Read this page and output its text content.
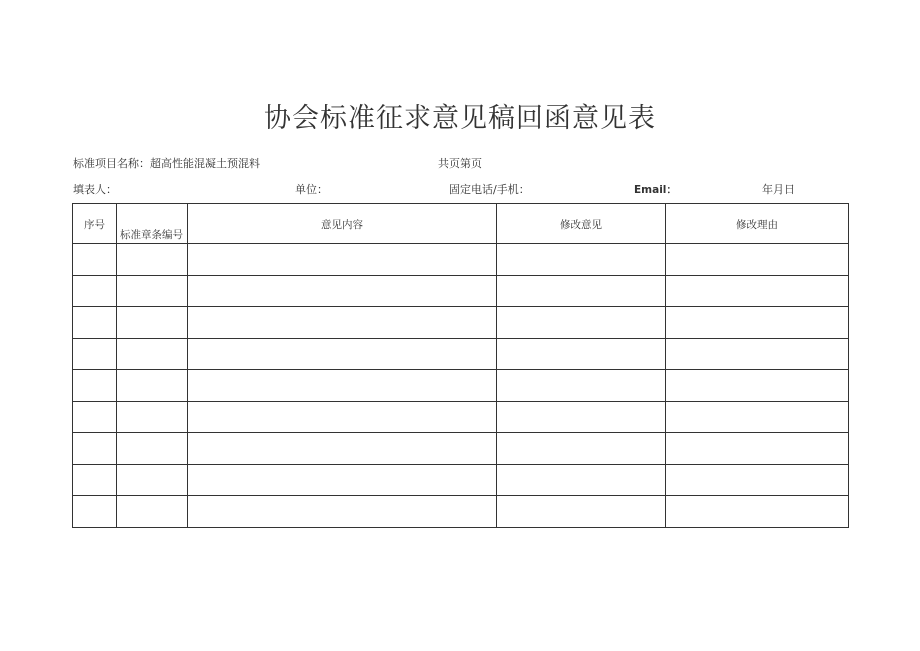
协会标准征求意见稿回函意见表
标准项目名称：超高性能混凝土预混料	共页第页
填表人：	单位：	固定电话/手机：	Email：	年月日
序号	标准章条编号	意见内容	修改意见	修改理由
